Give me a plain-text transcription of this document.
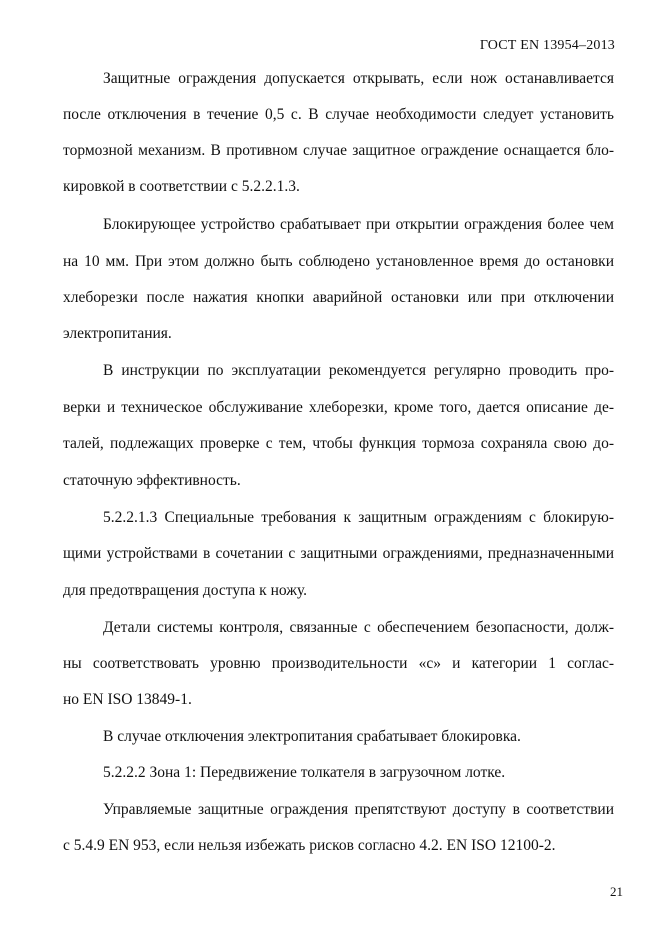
ГОСТ EN 13954–2013
Защитные ограждения допускается открывать, если нож останавливается
после отключения в течение 0,5 с. В случае необходимости следует установить
тормозной механизм. В противном случае защитное ограждение оснащается бло-
кировкой в соответствии с 5.2.2.1.3.
Блокирующее устройство срабатывает при открытии ограждения более чем
на 10 мм. При этом должно быть соблюдено установленное время до остановки
хлеборезки после нажатия кнопки аварийной остановки или при отключении
электропитания.
В инструкции по эксплуатации рекомендуется регулярно проводить про-
верки и техническое обслуживание хлеборезки, кроме того, дается описание де-
талей, подлежащих проверке с тем, чтобы функция тормоза сохраняла свою до-
статочную эффективность.
5.2.2.1.3 Специальные требования к защитным ограждениям с блокирую-
щими устройствами в сочетании с защитными ограждениями, предназначенными
для предотвращения доступа к ножу.
Детали системы контроля, связанные с обеспечением безопасности, долж-
ны соответствовать уровню производительности «c» и категории 1 соглас-
но EN ISO 13849-1.
В случае отключения электропитания срабатывает блокировка.
5.2.2.2 Зона 1: Передвижение толкателя в загрузочном лотке.
Управляемые защитные ограждения препятствуют доступу в соответствии
с 5.4.9 EN 953, если нельзя избежать рисков согласно 4.2. EN ISO 12100-2.
21
